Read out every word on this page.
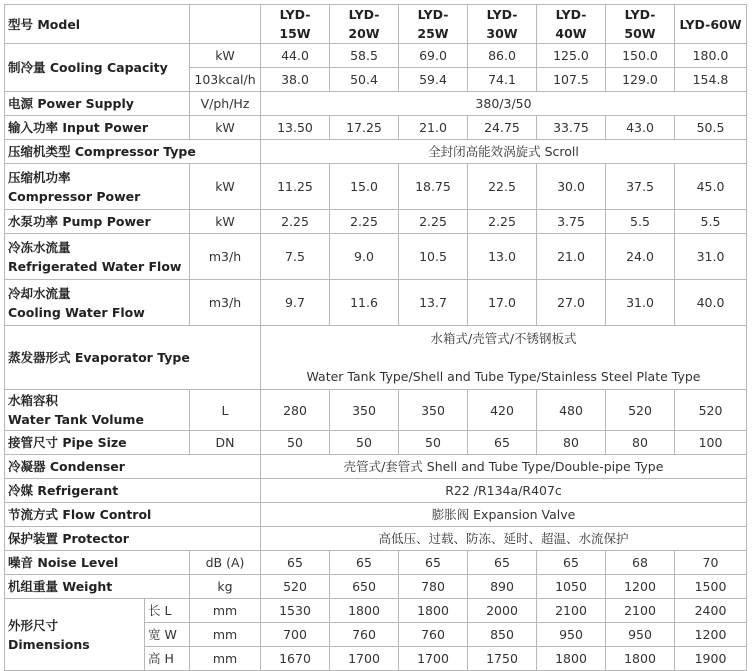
型号 Model			LYD-15W	LYD-20W	LYD-25W	LYD-30W	LYD-40W	LYD-50W	LYD-60W
制冷量 Cooling Capacity		kW	44.0	58.5	69.0	86.0	125.0	150.0	180.0
		103kcal/h	38.0	50.4	59.4	74.1	107.5	129.0	154.8
电源 Power Supply		V/ph/Hz	380/3/50						
输入功率 Input Power		kW	13.50	17.25	21.0	24.75	33.75	43.0	50.5
压缩机类型 Compressor Type			全封闭高能效涡旋式 Scroll						

压缩机功率
Compressor Power		kW	11.25	15.0	18.75	22.5	30.0	37.5	45.0
水泵功率 Pump Power		kW	2.25	2.25	2.25	2.25	3.75	5.5	5.5

冷冻水流量
Refrigerated Water Flow		m3/h	7.5	9.0	10.5	13.0	21.0	24.0	31.0

冷却水流量
Cooling Water Flow		m3/h	9.7	11.6	13.7	17.0	27.0	31.0	40.0
蒸发器形式 Evaporator Type			水箱式/壳管式/不锈钢板式
Water Tank Type/Shell and Tube Type/Stainless Steel Plate Type						

水箱容积
Water Tank Volume		L	280	350	350	420	480	520	520
接管尺寸 Pipe Size		DN	50	50	50	65	80	80	100
冷凝器 Condenser			壳管式/套管式 Shell and Tube Type/Double-pipe Type						
冷媒 Refrigerant			R22 /R134a/R407c						
节流方式 Flow Control			膨胀阀 Expansion Valve						
保护装置 Protector			高低压、过载、防冻、延时、超温、水流保护						
噪音 Noise Level		dB (A)	65	65	65	65	65	68	70
机组重量 Weight		kg	520	650	780	890	1050	1200	1500
外形尺寸 Dimensions	长 L	mm	1530	1800	1800	2000	2100	2100	2400
	宽 W	mm	700	760	760	850	950	950	1200
	高 H	mm	1670	1700	1700	1750	1800	1800	1900
